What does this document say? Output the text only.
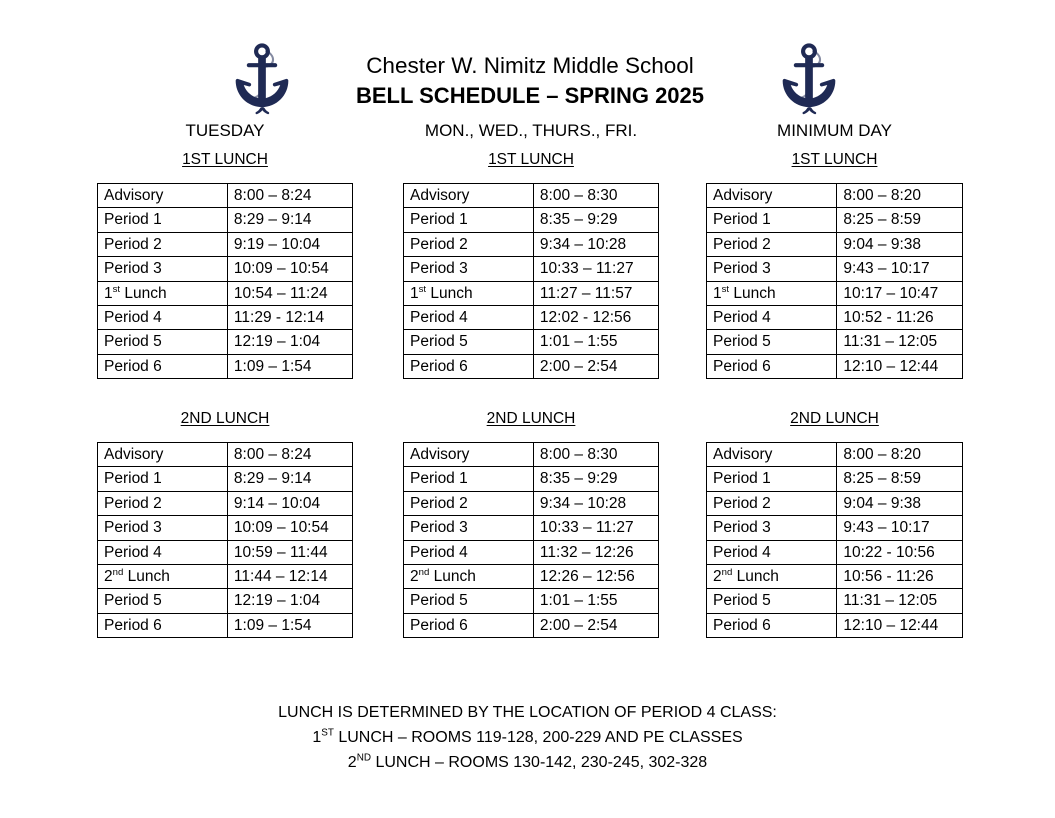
Chester W. Nimitz Middle School
BELL SCHEDULE – SPRING 2025
TUESDAY	MON., WED., THURS., FRI.	MINIMUM DAY
1ST LUNCH
Advisory	8:00 – 8:24
Period 1	8:29 – 9:14
Period 2	9:19 – 10:04
Period 3	10:09 – 10:54
1st Lunch	10:54 – 11:24
Period 4	11:29 - 12:14
Period 5	12:19 – 1:04
Period 6	1:09 – 1:54
1ST LUNCH
Advisory	8:00 – 8:30
Period 1	8:35 – 9:29
Period 2	9:34 – 10:28
Period 3	10:33 – 11:27
1st Lunch	11:27 – 11:57
Period 4	12:02 - 12:56
Period 5	1:01 – 1:55
Period 6	2:00 – 2:54
1ST LUNCH
Advisory	8:00 – 8:20
Period 1	8:25 – 8:59
Period 2	9:04 – 9:38
Period 3	9:43 – 10:17
1st Lunch	10:17 – 10:47
Period 4	10:52 - 11:26
Period 5	11:31 – 12:05
Period 6	12:10 – 12:44
2ND LUNCH
Advisory	8:00 – 8:24
Period 1	8:29 – 9:14
Period 2	9:14 – 10:04
Period 3	10:09 – 10:54
Period 4	10:59 – 11:44
2nd Lunch	11:44 – 12:14
Period 5	12:19 – 1:04
Period 6	1:09 – 1:54
2ND LUNCH
Advisory	8:00 – 8:30
Period 1	8:35 – 9:29
Period 2	9:34 – 10:28
Period 3	10:33 – 11:27
Period 4	11:32 – 12:26
2nd Lunch	12:26 – 12:56
Period 5	1:01 – 1:55
Period 6	2:00 – 2:54
2ND LUNCH
Advisory	8:00 – 8:20
Period 1	8:25 – 8:59
Period 2	9:04 – 9:38
Period 3	9:43 – 10:17
Period 4	10:22 - 10:56
2nd Lunch	10:56 - 11:26
Period 5	11:31 – 12:05
Period 6	12:10 – 12:44
LUNCH IS DETERMINED BY THE LOCATION OF PERIOD 4 CLASS:
1ST LUNCH – ROOMS 119-128, 200-229 AND PE CLASSES
2ND LUNCH – ROOMS 130-142, 230-245, 302-328
